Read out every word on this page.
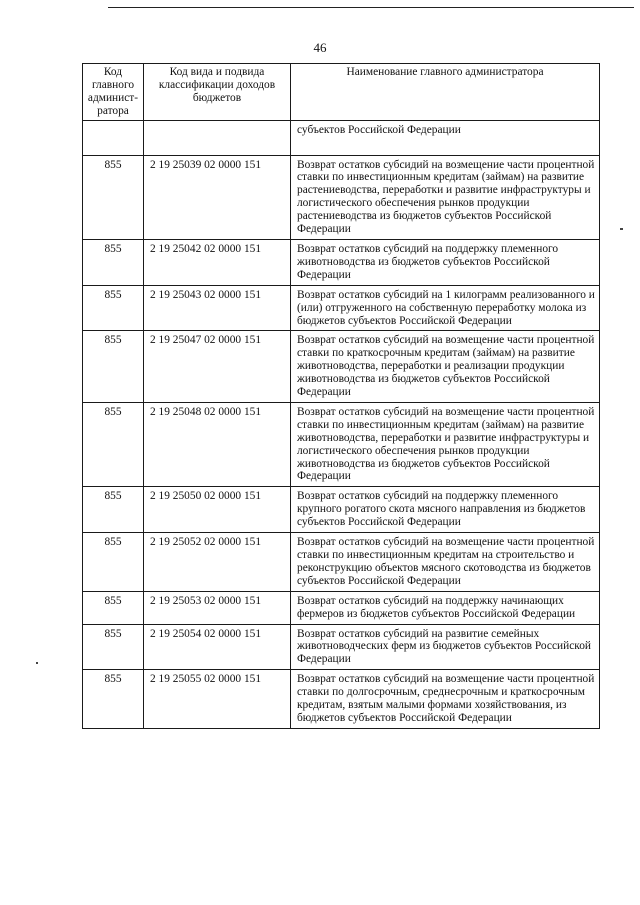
46
Код главного админист-ратора	Код вида и подвида классификации доходов бюджетов	Наименование главного администратора
		субъектов Российской Федерации
855	2 19 25039 02 0000 151	Возврат остатков субсидий на возмещение части процентной ставки по инвестиционным кредитам (займам) на развитие растениеводства, переработки и развитие инфраструктуры и логистического обеспечения рынков продукции растениеводства из бюджетов субъектов Российской Федерации
855	2 19 25042 02 0000 151	Возврат остатков субсидий на поддержку племенного животноводства из бюджетов субъектов Российской Федерации
855	2 19 25043 02 0000 151	Возврат остатков субсидий на 1 килограмм реализованного и (или) отгруженного на собственную переработку молока из бюджетов субъектов Российской Федерации
855	2 19 25047 02 0000 151	Возврат остатков субсидий на возмещение части процентной ставки по краткосрочным кредитам (займам) на развитие животноводства, переработки и реализации продукции животноводства из бюджетов субъектов Российской Федерации
855	2 19 25048 02 0000 151	Возврат остатков субсидий на возмещение части процентной ставки по инвестиционным кредитам (займам) на развитие животноводства, переработки и развитие инфраструктуры и логистического обеспечения рынков продукции животноводства из бюджетов субъектов Российской Федерации
855	2 19 25050 02 0000 151	Возврат остатков субсидий на поддержку племенного крупного рогатого скота мясного направления из бюджетов субъектов Российской Федерации
855	2 19 25052 02 0000 151	Возврат остатков субсидий на возмещение части процентной ставки по инвестиционным кредитам на строительство и реконструкцию объектов мясного скотоводства из бюджетов субъектов Российской Федерации
855	2 19 25053 02 0000 151	Возврат остатков субсидий на поддержку начинающих фермеров из бюджетов субъектов Российской Федерации
855	2 19 25054 02 0000 151	Возврат остатков субсидий на развитие семейных животноводческих ферм из бюджетов субъектов Российской Федерации
855	2 19 25055 02 0000 151	Возврат остатков субсидий на возмещение части процентной ставки по долгосрочным, среднесрочным и краткосрочным кредитам, взятым малыми формами хозяйствования, из бюджетов субъектов Российской Федерации
